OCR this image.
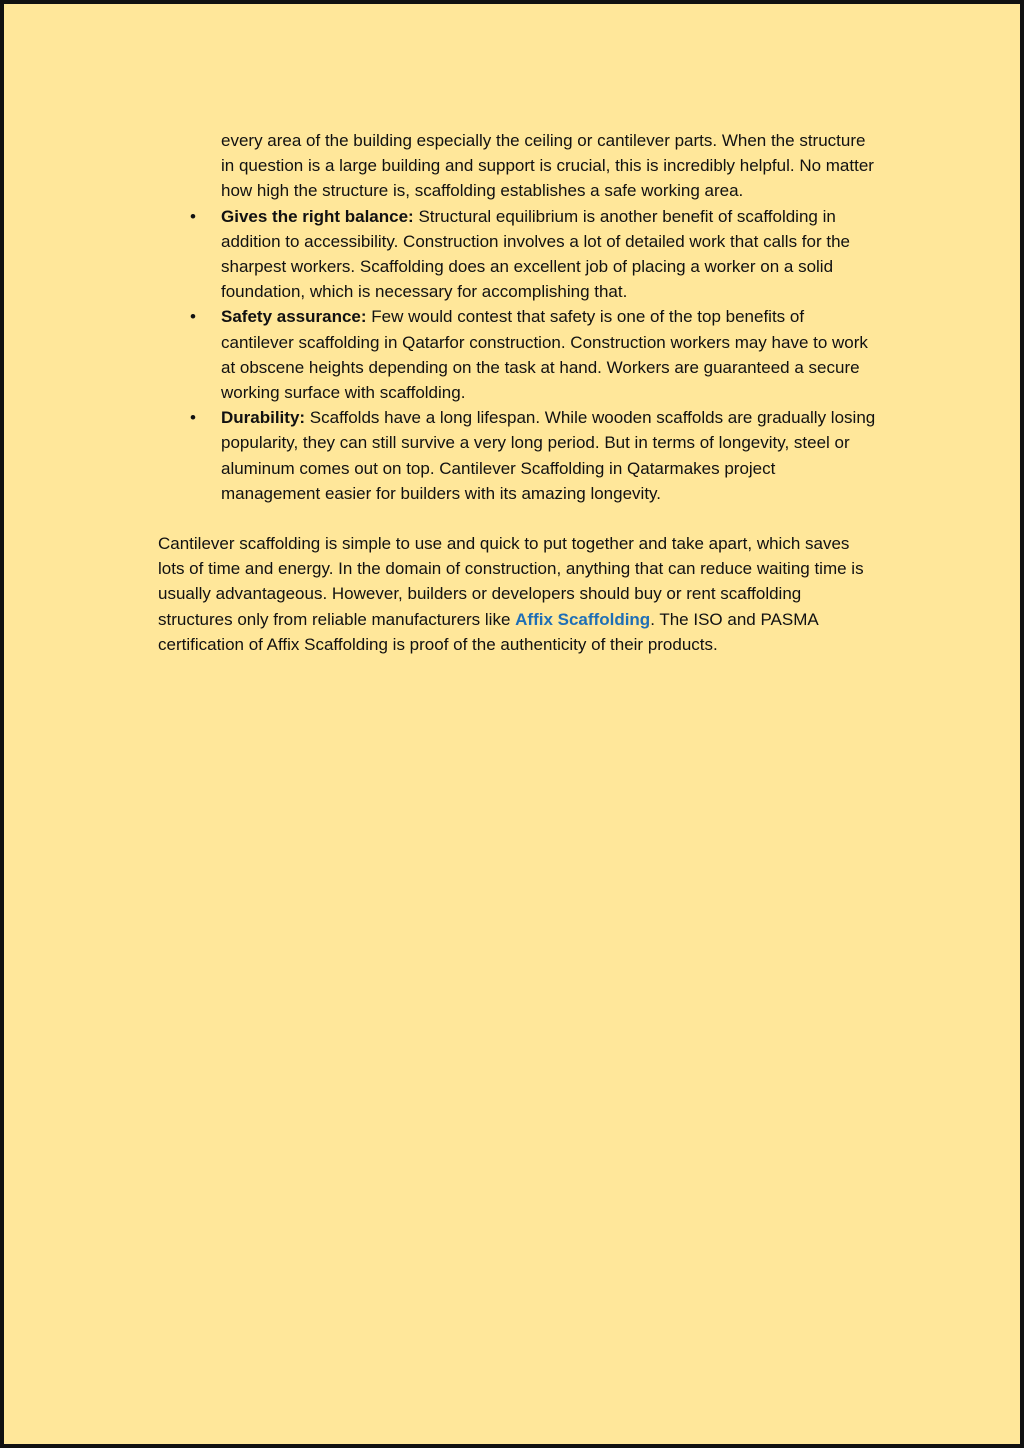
every area of the building especially the ceiling or cantilever parts. When the structure in question is a large building and support is crucial, this is incredibly helpful. No matter how high the structure is, scaffolding establishes a safe working area.

• Gives the right balance: Structural equilibrium is another benefit of scaffolding in addition to accessibility. Construction involves a lot of detailed work that calls for the sharpest workers. Scaffolding does an excellent job of placing a worker on a solid foundation, which is necessary for accomplishing that.
• Safety assurance: Few would contest that safety is one of the top benefits of cantilever scaffolding in Qatarfor construction. Construction workers may have to work at obscene heights depending on the task at hand. Workers are guaranteed a secure working surface with scaffolding.
• Durability: Scaffolds have a long lifespan. While wooden scaffolds are gradually losing popularity, they can still survive a very long period. But in terms of longevity, steel or aluminum comes out on top. Cantilever Scaffolding in Qatarmakes project management easier for builders with its amazing longevity.

Cantilever scaffolding is simple to use and quick to put together and take apart, which saves lots of time and energy. In the domain of construction, anything that can reduce waiting time is usually advantageous. However, builders or developers should buy or rent scaffolding structures only from reliable manufacturers like Affix Scaffolding. The ISO and PASMA certification of Affix Scaffolding is proof of the authenticity of their products.
